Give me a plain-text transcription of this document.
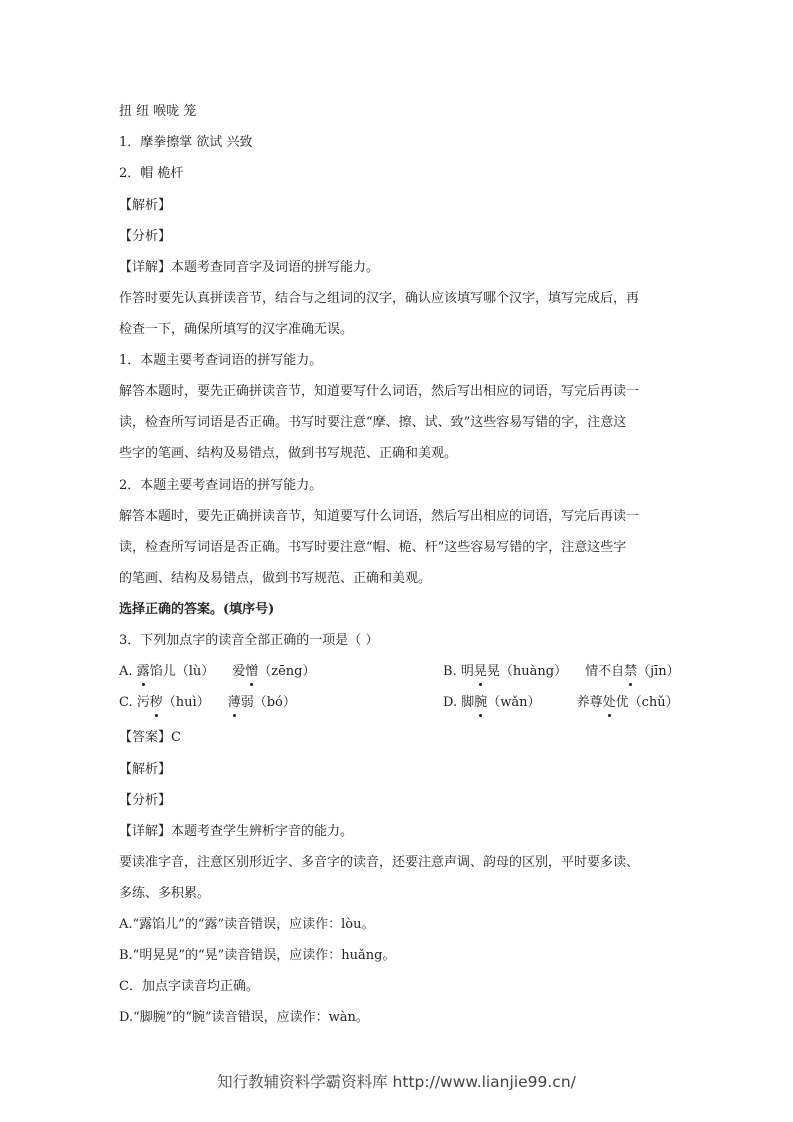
扭 纽 喉咙 笼
1．摩拳擦掌 欲试 兴致
2．帽 桅杆
【解析】
【分析】
【详解】本题考查同音字及词语的拼写能力。
作答时要先认真拼读音节，结合与之组词的汉字，确认应该填写哪个汉字，填写完成后，再
检查一下，确保所填写的汉字准确无误。
1．本题主要考查词语的拼写能力。
解答本题时，要先正确拼读音节，知道要写什么词语，然后写出相应的词语，写完后再读一
读，检查所写词语是否正确。书写时要注意“摩、擦、试、致”这些容易写错的字，注意这
些字的笔画、结构及易错点，做到书写规范、正确和美观。
2．本题主要考查词语的拼写能力。
解答本题时，要先正确拼读音节，知道要写什么词语，然后写出相应的词语，写完后再读一
读，检查所写词语是否正确。书写时要注意“帽、桅、杆”这些容易写错的字，注意这些字
的笔画、结构及易错点，做到书写规范、正确和美观。
选择正确的答案。(填序号)
3．下列加点字的读音全部正确的一项是（ ）
A. 露馅儿（lù） 爱憎（zēng）	B. 明晃晃（huàng） 情不自禁（jīn）
C. 污秽（huì） 薄弱（bó）	D. 脚腕（wǎn）	养尊处优（chǔ）
【答案】C
【解析】
【分析】
【详解】本题考查学生辨析字音的能力。
要读准字音，注意区别形近字、多音字的读音，还要注意声调、韵母的区别，平时要多读、
多练、多积累。
A.“露馅儿”的“露”读音错误，应读作：lòu。
B.“明晃晃”的“晃”读音错误，应读作：huǎng。
C．加点字读音均正确。
D.“脚腕”的“腕”读音错误，应读作：wàn。
知行教辅资料学霸资料库 http://www.lianjie99.cn/
